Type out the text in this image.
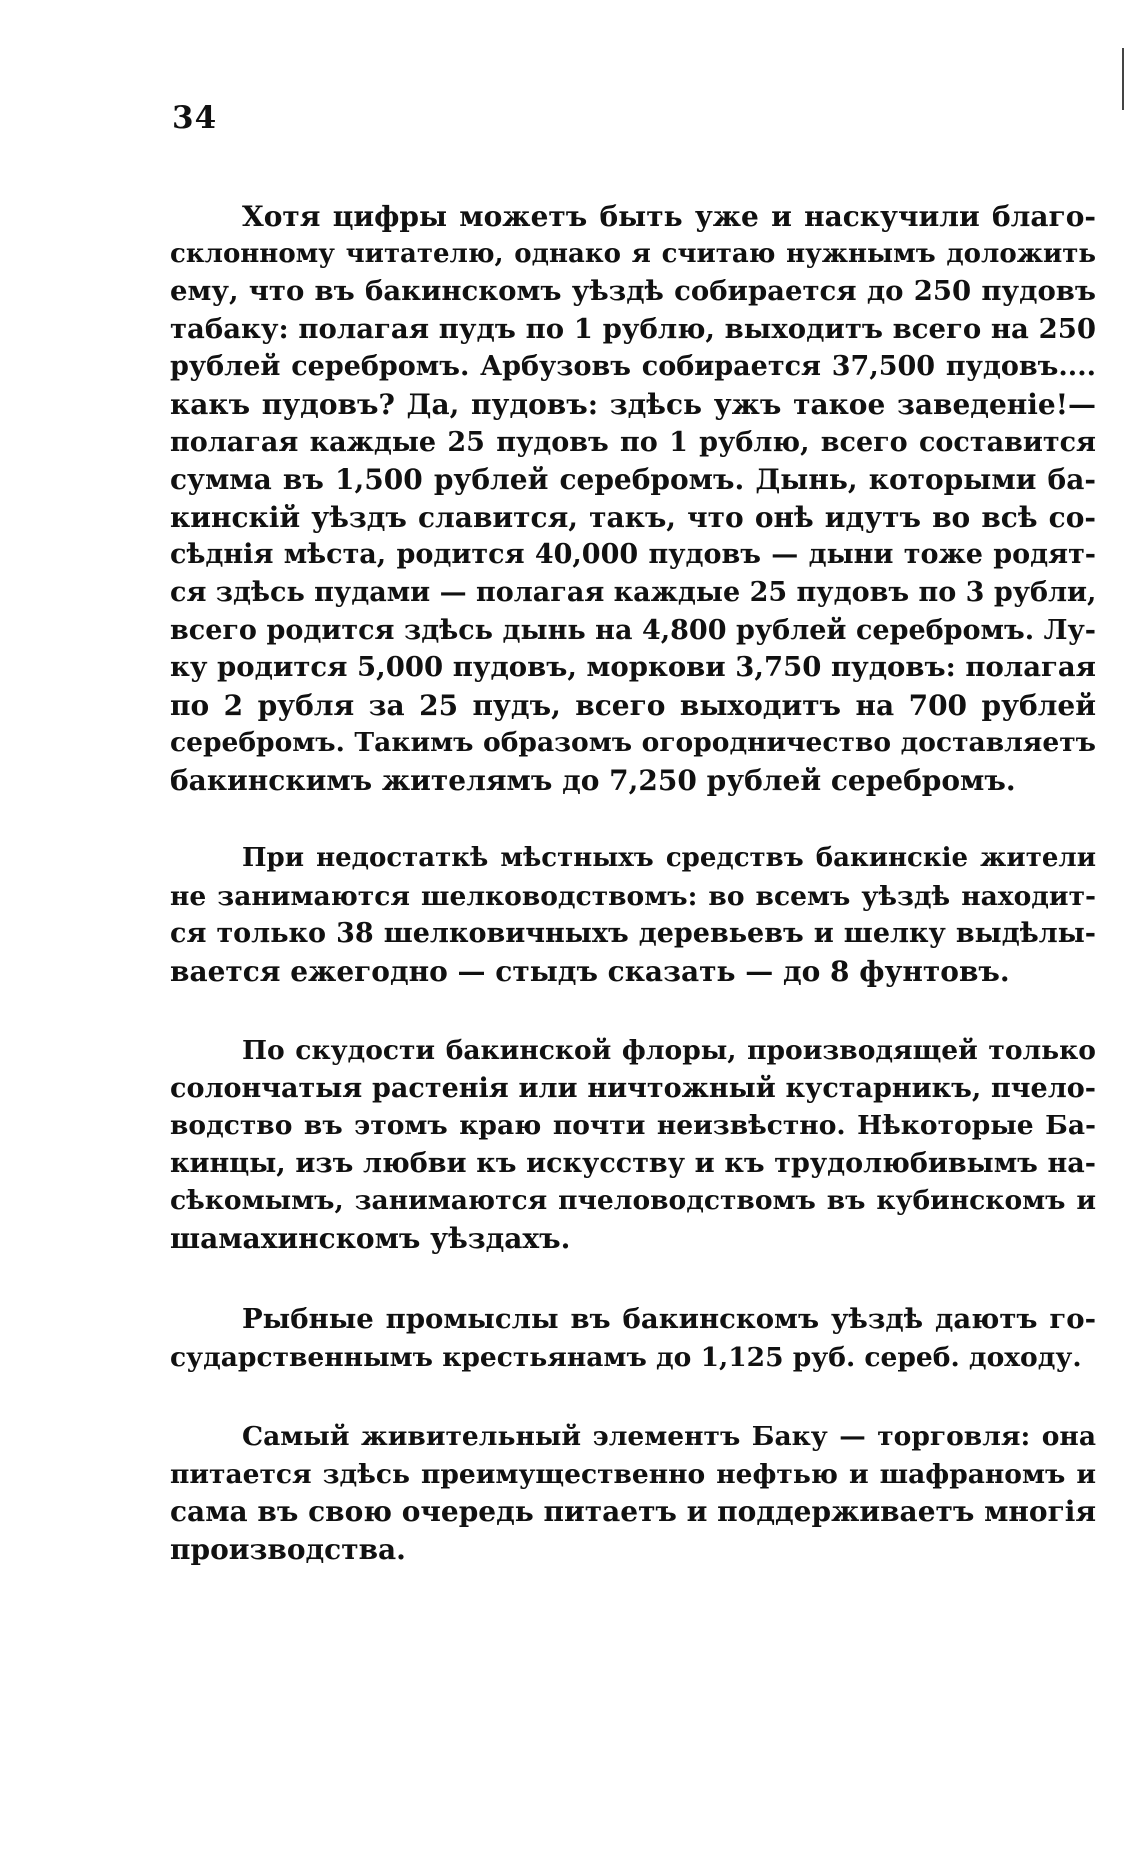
34
Хотя цифры можетъ быть уже и наскучили благо-
склонному читателю, однако я считаю нужнымъ доложить
ему, что въ бакинскомъ уѣздѣ собирается до 250 пудовъ
табаку: полагая пудъ по 1 рублю, выходитъ всего на 250
рублей серебромъ. Арбузовъ собирается 37,500 пудовъ....
какъ пудовъ? Да, пудовъ: здѣсь ужъ такое заведеніе!—
полагая каждые 25 пудовъ по 1 рублю, всего составится
сумма въ 1,500 рублей серебромъ. Дынь, которыми ба-
кинскій уѣздъ славится, такъ, что онѣ идутъ во всѣ со-
сѣднія мѣста, родится 40,000 пудовъ — дыни тоже родят-
ся здѣсь пудами — полагая каждые 25 пудовъ по 3 рубли,
всего родится здѣсь дынь на 4,800 рублей серебромъ. Лу-
ку родится 5,000 пудовъ, моркови 3,750 пудовъ: полагая
по 2 рубля за 25 пудъ, всего выходитъ на 700 рублей
серебромъ. Такимъ образомъ огородничество доставляетъ
бакинскимъ жителямъ до 7,250 рублей серебромъ.
При недостаткѣ мѣстныхъ средствъ бакинскіе жители
не занимаются шелководствомъ: во всемъ уѣздѣ находит-
ся только 38 шелковичныхъ деревьевъ и шелку выдѣлы-
вается ежегодно — стыдъ сказать — до 8 фунтовъ.
По скудости бакинской флоры, производящей только
солончатыя растенія или ничтожный кустарникъ, пчело-
водство въ этомъ краю почти неизвѣстно. Нѣкоторые Ба-
кинцы, изъ любви къ искусству и къ трудолюбивымъ на-
сѣкомымъ, занимаются пчеловодствомъ въ кубинскомъ и
шамахинскомъ уѣздахъ.
Рыбные промыслы въ бакинскомъ уѣздѣ даютъ го-
сударственнымъ крестьянамъ до 1,125 руб. сереб. доходу.
Самый живительный элементъ Баку — торговля: она
питается здѣсь преимущественно нефтью и шафраномъ и
сама въ свою очередь питаетъ и поддерживаетъ многія
производства.
